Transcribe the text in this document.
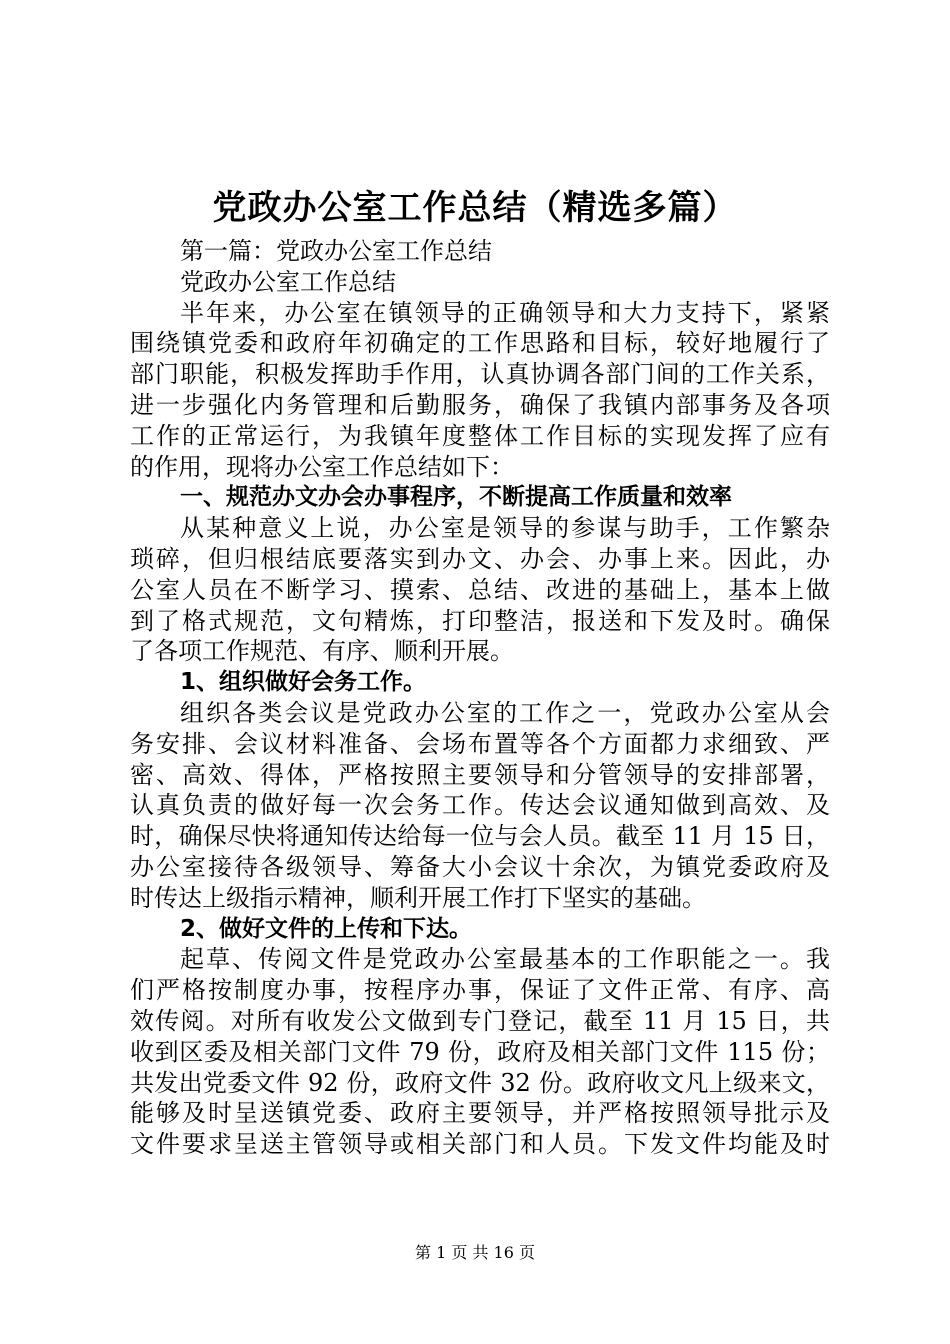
党政办公室工作总结（精选多篇）
第一篇：党政办公室工作总结
党政办公室工作总结
半年来，办公室在镇领导的正确领导和大力支持下，紧紧
围绕镇党委和政府年初确定的工作思路和目标，较好地履行了
部门职能，积极发挥助手作用，认真协调各部门间的工作关系，
进一步强化内务管理和后勤服务，确保了我镇内部事务及各项
工作的正常运行，为我镇年度整体工作目标的实现发挥了应有
的作用，现将办公室工作总结如下：
一、规范办文办会办事程序，不断提高工作质量和效率
从某种意义上说，办公室是领导的参谋与助手，工作繁杂
琐碎，但归根结底要落实到办文、办会、办事上来。因此，办
公室人员在不断学习、摸索、总结、改进的基础上，基本上做
到了格式规范，文句精炼，打印整洁，报送和下发及时。确保
了各项工作规范、有序、顺利开展。
1、组织做好会务工作。
组织各类会议是党政办公室的工作之一，党政办公室从会
务安排、会议材料准备、会场布置等各个方面都力求细致、严
密、高效、得体，严格按照主要领导和分管领导的安排部署，
认真负责的做好每一次会务工作。传达会议通知做到高效、及
时，确保尽快将通知传达给每一位与会人员。截至 11 月 15 日，
办公室接待各级领导、筹备大小会议十余次，为镇党委政府及
时传达上级指示精神，顺利开展工作打下坚实的基础。
2、做好文件的上传和下达。
起草、传阅文件是党政办公室最基本的工作职能之一。我
们严格按制度办事，按程序办事，保证了文件正常、有序、高
效传阅。对所有收发公文做到专门登记，截至 11 月 15 日，共
收到区委及相关部门文件 79 份，政府及相关部门文件 115 份；
共发出党委文件 92 份，政府文件 32 份。政府收文凡上级来文，
能够及时呈送镇党委、政府主要领导，并严格按照领导批示及
文件要求呈送主管领导或相关部门和人员。下发文件均能及时
第 1 页 共 16 页
